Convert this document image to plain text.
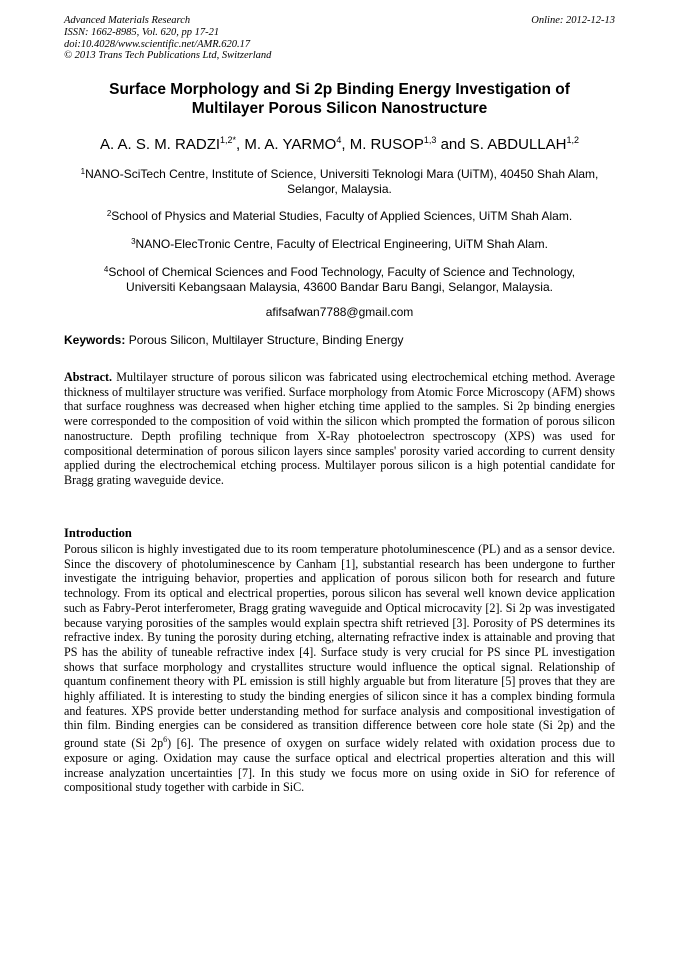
Advanced Materials Research
ISSN: 1662-8985, Vol. 620, pp 17-21
doi:10.4028/www.scientific.net/AMR.620.17
© 2013 Trans Tech Publications Ltd, Switzerland
Online: 2012-12-13
Surface Morphology and Si 2p Binding Energy Investigation of
Multilayer Porous Silicon Nanostructure
A. A. S. M. $RADZI^{1,2*}$, M. A. YARMO$^4$, M. RUSOP$^{1,3}$ and S. ABDULLAH$^{1,2}$
$^1$NANO-SciTech Centre, Institute of Science, Universiti Teknologi Mara (UiTM), 40450 Shah Alam,
Selangor, Malaysia.
$^2$School of Physics and Material Studies, Faculty of Applied Sciences, UiTM Shah Alam.
$^3$NANO-ElecTronic Centre, Faculty of Electrical Engineering, UiTM Shah Alam.
$^4$School of Chemical Sciences and Food Technology, Faculty of Science and Technology,
Universiti Kebangsaan Malaysia, 43600 Bandar Baru Bangi, Selangor, Malaysia.
afifsafwan7788@gmail.com
Keywords: Porous Silicon, Multilayer Structure, Binding Energy
Abstract. Multilayer structure of porous silicon was fabricated using electrochemical etching method. Average thickness of multilayer structure was verified. Surface morphology from Atomic Force Microscopy (AFM) shows that surface roughness was decreased when higher etching time applied to the samples. Si 2p binding energies were corresponded to the composition of void within the silicon which prompted the formation of porous silicon nanostructure. Depth profiling technique from X-Ray photoelectron spectroscopy (XPS) was used for compositional determination of porous silicon layers since samples' porosity varied according to current density applied during the electrochemical etching process. Multilayer porous silicon is a high potential candidate for Bragg grating waveguide device.
Introduction
Porous silicon is highly investigated due to its room temperature photoluminescence (PL) and as a sensor device. Since the discovery of photoluminescence by Canham [1], substantial research has been undergone to further investigate the intriguing behavior, properties and application of porous silicon both for research and future technology. From its optical and electrical properties, porous silicon has several well known device application such as Fabry-Perot interferometer, Bragg grating waveguide and Optical microcavity [2]. Si 2p was investigated because varying porosities of the samples would explain spectra shift retrieved [3]. Porosity of PS determines its refractive index. By tuning the porosity during etching, alternating refractive index is attainable and proving that PS has the ability of tuneable refractive index [4]. Surface study is very crucial for PS since PL investigation shows that surface morphology and crystallites structure would influence the optical signal. Relationship of quantum confinement theory with PL emission is still highly arguable but from literature [5] proves that they are highly affiliated. It is interesting to study the binding energies of silicon since it has a complex binding formula and features. XPS provide better understanding method for surface analysis and compositional investigation of thin film. Binding energies can be considered as transition difference between core hole state (Si 2p) and the ground state (Si $2p^6$) [6]. The presence of oxygen on surface widely related with oxidation process due to exposure or aging. Oxidation may cause the surface optical and electrical properties alteration and this will increase analyzation uncertainties [7]. In this study we focus more on using oxide in SiO for reference of compositional study together with carbide in SiC.
